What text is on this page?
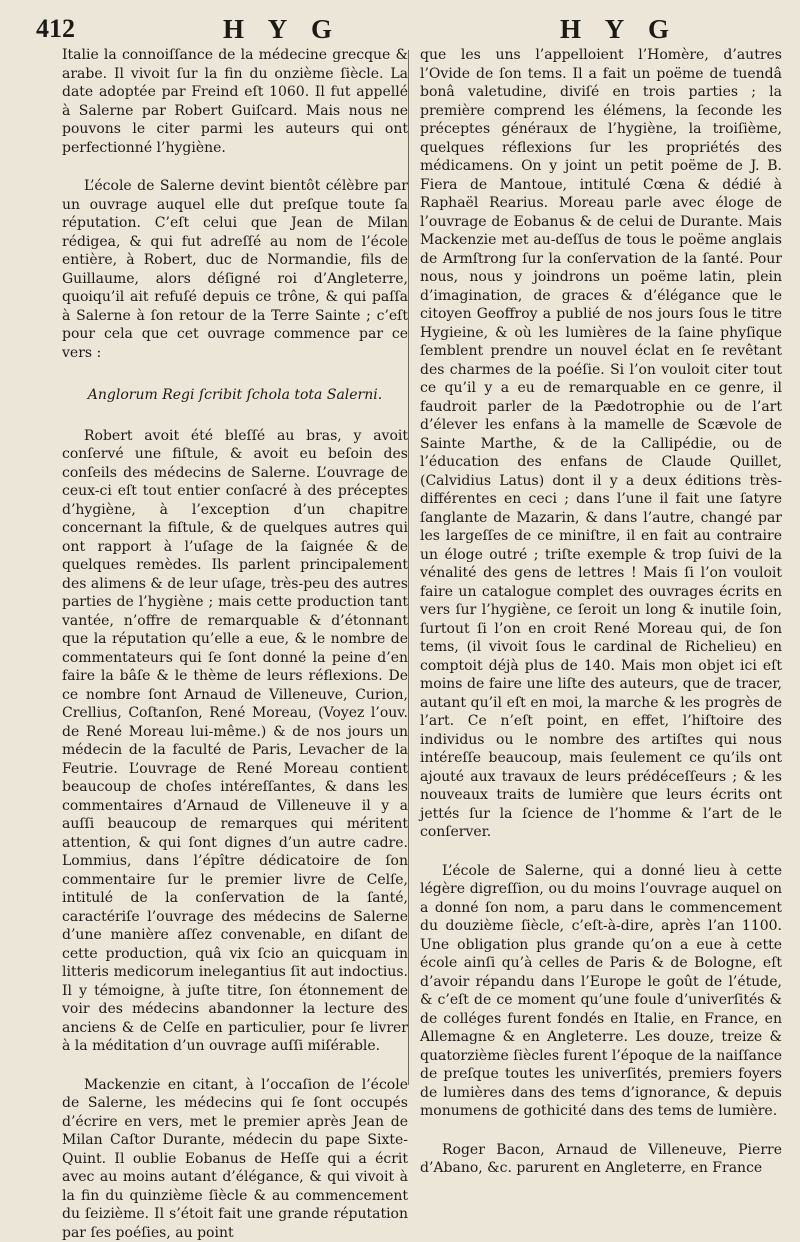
412	H Y G	H Y G

Italie la connoiſſance de la médecine grecque & arabe. Il vivoit ſur la fin du onzième ſiècle. La date adoptée par Freind eſt 1060. Il fut appellé à Salerne par Robert Guiſcard. Mais nous ne pouvons le citer parmi les auteurs qui ont perfectionné l’hygiène.

L’école de Salerne devint bientôt célèbre par un ouvrage auquel elle dut preſque toute ſa réputation. C’eſt celui que Jean de Milan rédigea, & qui fut adreſſé au nom de l’école entière, à Robert, duc de Normandie, fils de Guillaume, alors déſigné roi d’Angleterre, quoiqu’il ait refuſé depuis ce trône, & qui paſſa à Salerne à ſon retour de la Terre Sainte ; c’eſt pour cela que cet ouvrage commence par ce vers :

Anglorum Regi ſcribit ſchola tota Salerni.

Robert avoit été bleſſé au bras, y avoit conſervé une fiſtule, & avoit eu beſoin des conſeils des médecins de Salerne. L’ouvrage de ceux-ci eſt tout entier conſacré à des préceptes d’hygiène, à l’exception d’un chapitre concernant la fiſtule, & de quelques autres qui ont rapport à l’uſage de la ſaignée & de quelques remèdes. Ils parlent principalement des alimens & de leur uſage, très-peu des autres parties de l’hygiène ; mais cette production tant vantée, n’offre de remarquable & d’étonnant que la réputation qu’elle a eue, & le nombre de commentateurs qui ſe ſont donné la peine d’en faire la bâſe & le thème de leurs réflexions. De ce nombre ſont Arnaud de Villeneuve, Curion, Crellius, Coſtanſon, René Moreau, (Voyez l’ouv. de René Moreau lui-même.) & de nos jours un médecin de la faculté de Paris, Levacher de la Feutrie. L’ouvrage de René Moreau contient beaucoup de choſes intéreſſantes, & dans les commentaires d’Arnaud de Villeneuve il y a auſſi beaucoup de remarques qui méritent attention, & qui ſont dignes d’un autre cadre. Lommius, dans l’épître dédicatoire de ſon commentaire ſur le premier livre de Celſe, intitulé de la conſervation de la ſanté, caractériſe l’ouvrage des médecins de Salerne d’une manière aſſez convenable, en diſant de cette production, quâ vix ſcio an quicquam in litteris medicorum inelegantius ſit aut indoctius. Il y témoigne, à juſte titre, ſon étonnement de voir des médecins abandonner la lecture des anciens & de Celſe en particulier, pour ſe livrer à la méditation d’un ouvrage auſſi miſérable.

Mackenzie en citant, à l’occaſion de l’école de Salerne, les médecins qui ſe ſont occupés d’écrire en vers, met le premier après Jean de Milan Caſtor Durante, médecin du pape Sixte-Quint. Il oublie Eobanus de Heſſe qui a écrit avec au moins autant d’élégance, & qui vivoit à la fin du quinzième ſiècle & au commencement du ſeizième. Il s’étoit fait une grande réputation par ſes poéſies, au point

que les uns l’appelloient l’Homère, d’autres l’Ovide de ſon tems. Il a fait un poëme de tuendâ bonâ valetudine, diviſé en trois parties ; la première comprend les élémens, la ſeconde les préceptes généraux de l’hygiène, la troiſième, quelques réflexions ſur les propriétés des médicamens. On y joint un petit poëme de J. B. Fiera de Mantoue, intitulé Cœna & dédié à Raphaël Rearius. Moreau parle avec éloge de l’ouvrage de Eobanus & de celui de Durante. Mais Mackenzie met au-deſſus de tous le poëme anglais de Armſtrong ſur la conſervation de la ſanté. Pour nous, nous y joindrons un poëme latin, plein d’imagination, de graces & d’élégance que le citoyen Geoffroy a publié de nos jours ſous le titre Hygieine, & où les lumières de la ſaine phyſique ſemblent prendre un nouvel éclat en ſe revêtant des charmes de la poéſie. Si l’on vouloit citer tout ce qu’il y a eu de remarquable en ce genre, il faudroit parler de la Pædotrophie ou de l’art d’élever les enfans à la mamelle de Scævole de Sainte Marthe, & de la Callipédie, ou de l’éducation des enfans de Claude Quillet, (Calvidius Latus) dont il y a deux éditions très-différentes en ceci ; dans l’une il fait une ſatyre ſanglante de Mazarin, & dans l’autre, changé par les largeſſes de ce miniſtre, il en fait au contraire un éloge outré ; triſte exemple & trop ſuivi de la vénalité des gens de lettres ! Mais ſi l’on vouloit faire un catalogue complet des ouvrages écrits en vers ſur l’hygiène, ce ſeroit un long & inutile ſoin, ſurtout ſi l’on en croit René Moreau qui, de ſon tems, (il vivoit ſous le cardinal de Richelieu) en comptoit déjà plus de 140. Mais mon objet ici eſt moins de faire une liſte des auteurs, que de tracer, autant qu’il eſt en moi, la marche & les progrès de l’art. Ce n’eſt point, en effet, l’hiſtoire des individus ou le nombre des artiſtes qui nous intéreſſe beaucoup, mais ſeulement ce qu’ils ont ajouté aux travaux de leurs prédéceſſeurs ; & les nouveaux traits de lumière que leurs écrits ont jettés ſur la ſcience de l’homme & l’art de le conſerver.

L’école de Salerne, qui a donné lieu à cette légère digreſſion, ou du moins l’ouvrage auquel on a donné ſon nom, a paru dans le commencement du douzième ſiècle, c’eſt-à-dire, après l’an 1100. Une obligation plus grande qu’on a eue à cette école ainſi qu’à celles de Paris & de Bologne, eſt d’avoir répandu dans l’Europe le goût de l’étude, & c’eſt de ce moment qu’une foule d’univerſités & de colléges furent fondés en Italie, en France, en Allemagne & en Angleterre. Les douze, treize & quatorzième ſiècles furent l’époque de la naiſſance de preſque toutes les univerſités, premiers foyers de lumières dans des tems d’ignorance, & depuis monumens de gothicité dans des tems de lumière.

Roger Bacon, Arnaud de Villeneuve, Pierre d’Abano, &c. parurent en Angleterre, en France
